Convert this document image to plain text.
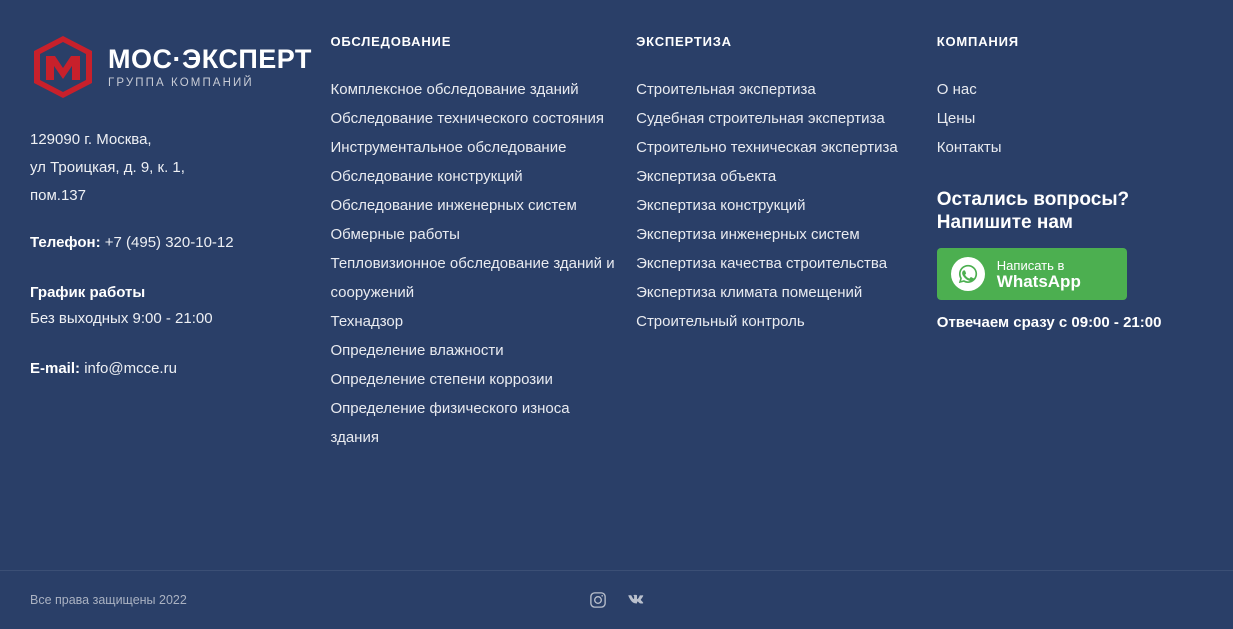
МОС·ЭКСПЕРТ
ГРУППА КОМПАНИЙ
129090 г. Москва,
ул Троицкая, д. 9, к. 1,
пом.137
Телефон: +7 (495) 320-10-12
График работы
Без выходных 9:00 - 21:00
E-mail: info@mcce.ru
ОБСЛЕДОВАНИЕ
Комплексное обследование зданий
Обследование технического состояния
Инструментальное обследование
Обследование конструкций
Обследование инженерных систем
Обмерные работы
Тепловизионное обследование зданий и сооружений
Технадзор
Определение влажности
Определение степени коррозии
Определение физического износа здания
ЭКСПЕРТИЗА
Строительная экспертиза
Судебная строительная экспертиза
Строительно техническая экспертиза
Экспертиза объекта
Экспертиза конструкций
Экспертиза инженерных систем
Экспертиза качества строительства
Экспертиза климата помещений
Строительный контроль
КОМПАНИЯ
О нас
Цены
Контакты
Остались вопросы?
Напишите нам
Написать в
WhatsApp
Отвечаем сразу с 09:00 - 21:00
Все права защищены 2022
